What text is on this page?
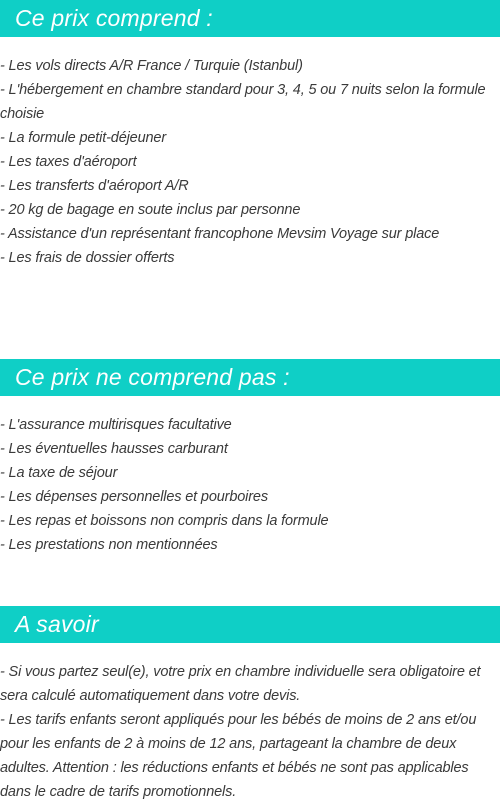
Ce prix comprend :
- Les vols directs A/R France / Turquie (Istanbul)
- L'hébergement en chambre standard pour 3, 4, 5 ou 7 nuits selon la formule choisie
- La formule petit-déjeuner
- Les taxes d'aéroport
- Les transferts d'aéroport A/R
- 20 kg de bagage en soute inclus par personne
- Assistance d'un représentant francophone Mevsim Voyage sur place
- Les frais de dossier offerts
Ce prix ne comprend pas :
- L'assurance multirisques facultative
- Les éventuelles hausses carburant
- La taxe de séjour
- Les dépenses personnelles et pourboires
- Les repas et boissons non compris dans la formule
- Les prestations non mentionnées
A savoir

- Si vous partez seul(e), votre prix en chambre individuelle sera obligatoire et sera calculé automatiquement dans votre devis.

- Les tarifs enfants seront appliqués pour les bébés de moins de 2 ans et/ou pour les enfants de 2 à moins de 12 ans, partageant la chambre de deux adultes. Attention : les réductions enfants et bébés ne sont pas applicables dans le cadre de tarifs promotionnels.
